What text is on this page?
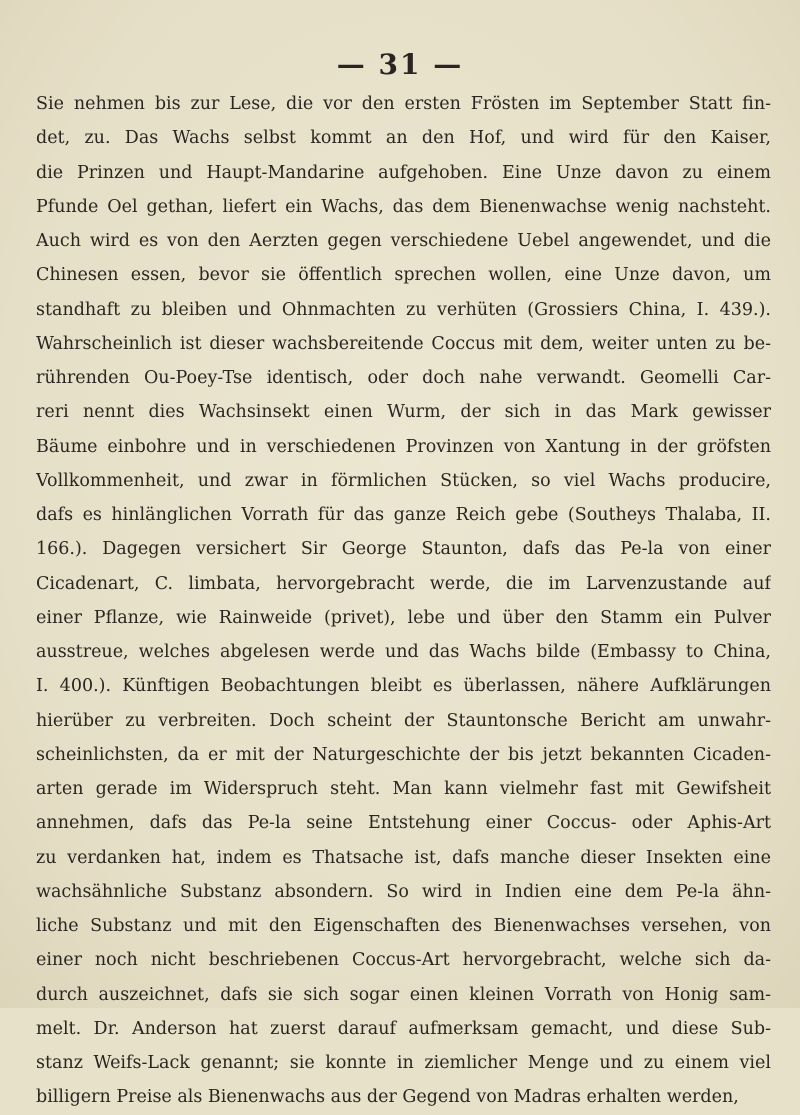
— 31 —
Sie nehmen bis zur Lese, die vor den ersten Frösten im September Statt fin-
det, zu. Das Wachs selbst kommt an den Hof, und wird für den Kaiser,
die Prinzen und Haupt-Mandarine aufgehoben. Eine Unze davon zu einem
Pfunde Oel gethan, liefert ein Wachs, das dem Bienenwachse wenig nachsteht.
Auch wird es von den Aerzten gegen verschiedene Uebel angewendet, und die
Chinesen essen, bevor sie öffentlich sprechen wollen, eine Unze davon, um
standhaft zu bleiben und Ohnmachten zu verhüten (Grossiers China, I. 439.).
Wahrscheinlich ist dieser wachsbereitende Coccus mit dem, weiter unten zu be-
rührenden Ou-Poey-Tse identisch, oder doch nahe verwandt. Geomelli Car-
reri nennt dies Wachsinsekt einen Wurm, der sich in das Mark gewisser
Bäume einbohre und in verschiedenen Provinzen von Xantung in der gröfsten
Vollkommenheit, und zwar in förmlichen Stücken, so viel Wachs producire,
dafs es hinlänglichen Vorrath für das ganze Reich gebe (Southeys Thalaba, II.
166.). Dagegen versichert Sir George Staunton, dafs das Pe-la von einer
Cicadenart, C. limbata, hervorgebracht werde, die im Larvenzustande auf
einer Pflanze, wie Rainweide (privet), lebe und über den Stamm ein Pulver
ausstreue, welches abgelesen werde und das Wachs bilde (Embassy to China,
I. 400.). Künftigen Beobachtungen bleibt es überlassen, nähere Aufklärungen
hierüber zu verbreiten. Doch scheint der Stauntonsche Bericht am unwahr-
scheinlichsten, da er mit der Naturgeschichte der bis jetzt bekannten Cicaden-
arten gerade im Widerspruch steht. Man kann vielmehr fast mit Gewifsheit
annehmen, dafs das Pe-la seine Entstehung einer Coccus- oder Aphis-Art
zu verdanken hat, indem es Thatsache ist, dafs manche dieser Insekten eine
wachsähnliche Substanz absondern. So wird in Indien eine dem Pe-la ähn-
liche Substanz und mit den Eigenschaften des Bienenwachses versehen, von
einer noch nicht beschriebenen Coccus-Art hervorgebracht, welche sich da-
durch auszeichnet, dafs sie sich sogar einen kleinen Vorrath von Honig sam-
melt. Dr. Anderson hat zuerst darauf aufmerksam gemacht, und diese Sub-
stanz Weifs-Lack genannt; sie konnte in ziemlicher Menge und zu einem viel
billigern Preise als Bienenwachs aus der Gegend von Madras erhalten werden,
